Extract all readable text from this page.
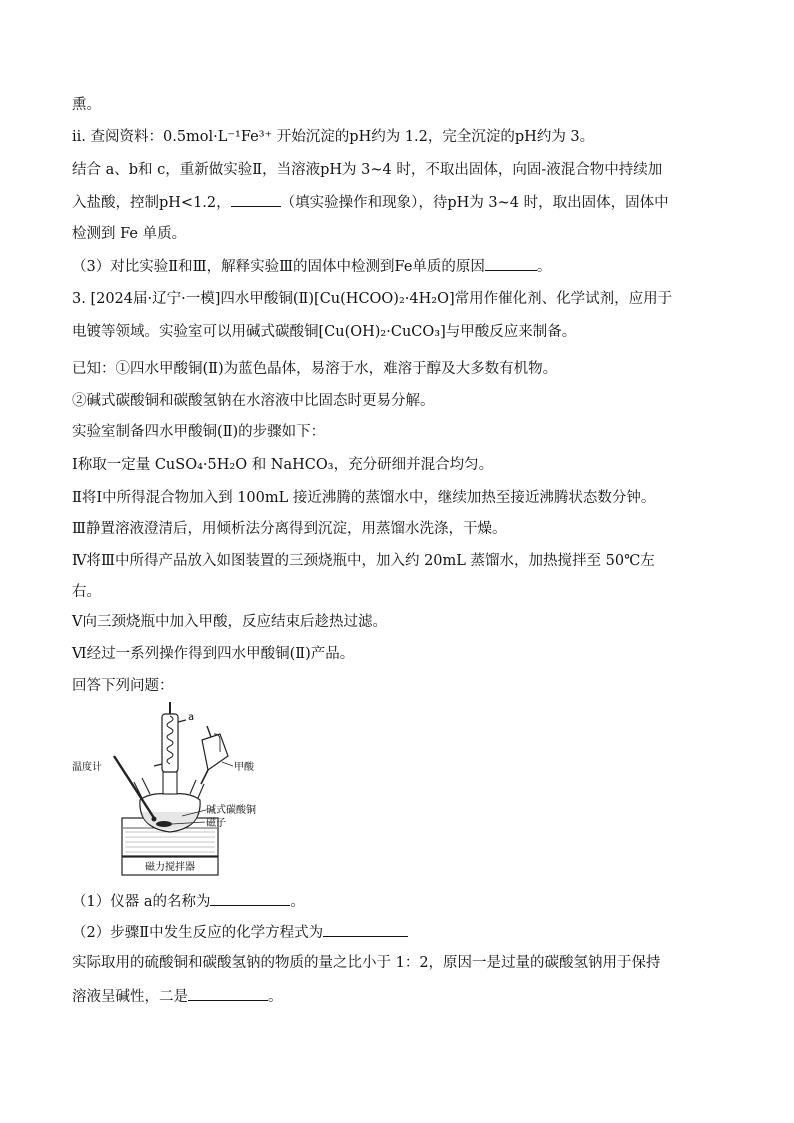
熏。
ii. 查阅资料：0.5mol·L⁻¹Fe³⁺ 开始沉淀的pH约为 1.2，完全沉淀的pH约为 3。
结合 a、b和 c，重新做实验Ⅱ，当溶液pH为 3~4 时，不取出固体，向固-液混合物中持续加
入盐酸，控制pH<1.2，	（填实验操作和现象），待pH为 3~4 时，取出固体，固体中
检测到 Fe 单质。
（3）对比实验Ⅱ和Ⅲ，解释实验Ⅲ的固体中检测到Fe单质的原因	。
3. [2024届·辽宁·一模]四水甲酸铜(Ⅱ)[Cu(HCOO)₂·4H₂O]常用作催化剂、化学试剂，应用于
电镀等领域。实验室可以用碱式碳酸铜[Cu(OH)₂·CuCO₃]与甲酸反应来制备。
已知：①四水甲酸铜(Ⅱ)为蓝色晶体，易溶于水，难溶于醇及大多数有机物。
②碱式碳酸铜和碳酸氢钠在水溶液中比固态时更易分解。
实验室制备四水甲酸铜(Ⅱ)的步骤如下：
Ⅰ称取一定量 CuSO₄·5H₂O 和 NaHCO₃，充分研细并混合均匀。
Ⅱ将Ⅰ中所得混合物加入到 100mL 接近沸腾的蒸馏水中，继续加热至接近沸腾状态数分钟。
Ⅲ静置溶液澄清后，用倾析法分离得到沉淀，用蒸馏水洗涤，干燥。
Ⅳ将Ⅲ中所得产品放入如图装置的三颈烧瓶中，加入约 20mL 蒸馏水，加热搅拌至 50℃左
右。
Ⅴ向三颈烧瓶中加入甲酸，反应结束后趁热过滤。
Ⅵ经过一系列操作得到四水甲酸铜(Ⅱ)产品。
回答下列问题：
磁力搅拌器
a
温度计	甲酸
碱式碳酸铜
磁子
（1）仪器 a的名称为	。
（2）步骤Ⅱ中发生反应的化学方程式为
实际取用的硫酸铜和碳酸氢钠的物质的量之比小于 1：2，原因一是过量的碳酸氢钠用于保持
溶液呈碱性，二是	。
